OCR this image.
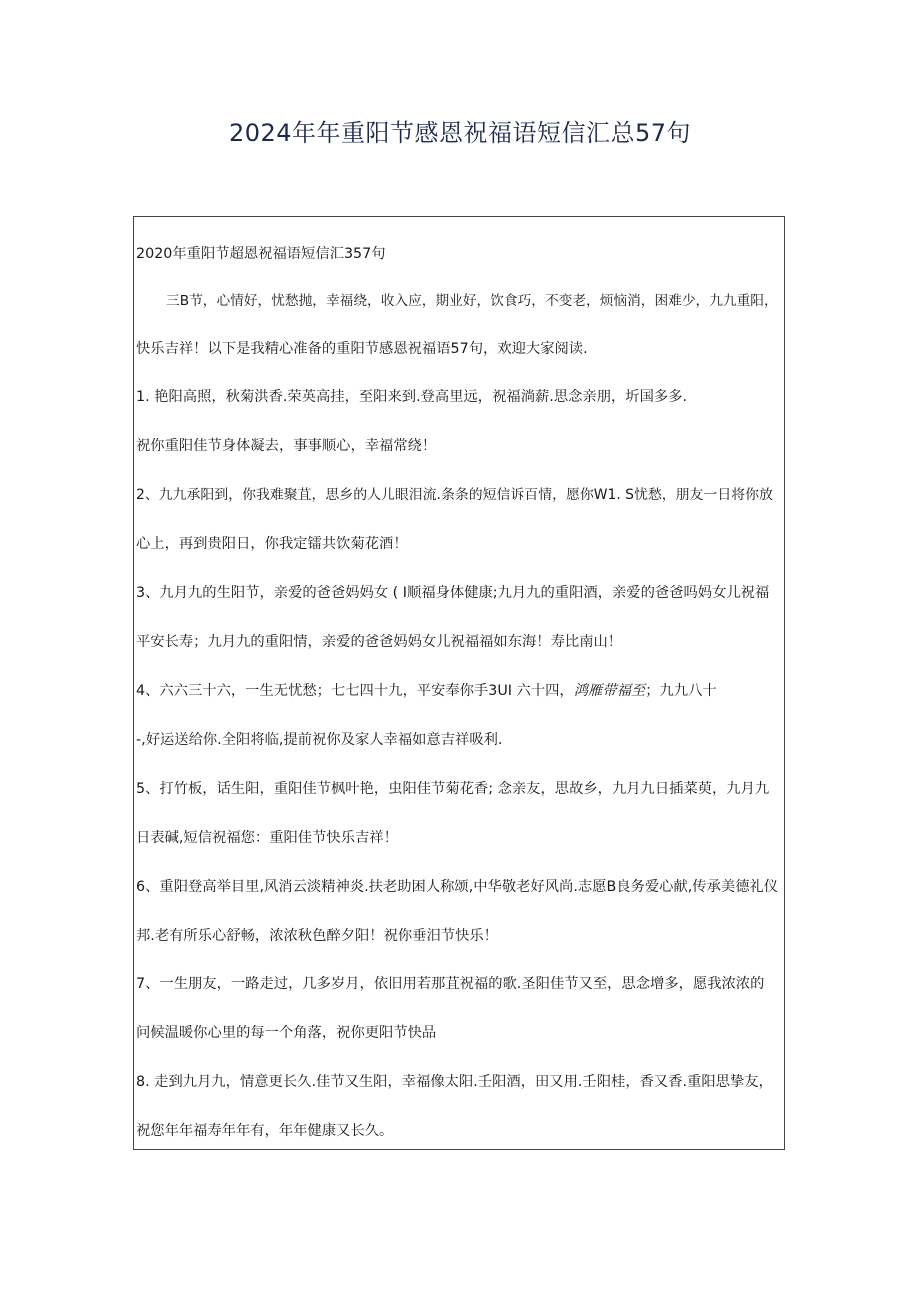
2024年年重阳节感恩祝福语短信汇总57句
2020年重阳节超恩祝福语短信汇357句
三B节，心情好，忧愁抛，幸福绕，收入应，期业好，饮食巧，不变老，烦恼消，困难少，九九重阳，
快乐吉祥！以下是我精心准备的重阳节感恩祝福语57句，欢迎大家阅读.
1. 艳阳高照，秋菊洪香.荣英高挂，至阳来到.登高里远，祝福淌薪.思念亲朋，圻国多多.
祝你重阳佳节身体凝去，事事顺心，幸福常绕！
2、九九承阳到，你我难聚苴，思乡的人儿眼泪流.条条的短信诉百情，愿你W1. S忧愁，朋友一日将你放
心上，再到贵阳日，你我定镭共饮菊花酒！
3、九月九的生阳节，亲爱的爸爸妈妈女 ( I顺福身体健康;九月九的重阳酒，亲爱的爸爸吗妈女儿祝福
平安长寿；九月九的重阳情，亲爱的爸爸妈妈女儿祝福福如东海！寿比南山！
4、六六三十六，一生无忧愁；七七四十九，平安奉你手3UI 六十四，鸿雁带福至；九九八十
-,好运送给你.全阳将临,提前祝你及家人幸福如意吉祥吸利.
5、打竹板，话生阳，重阳佳节枫叶艳，虫阳佳节菊花香; 念亲友，思故乡，九月九日插菜萸，九月九
日表碱,短信祝福您：重阳佳节快乐吉祥！
6、重阳登高举目里,风消云淡精神炎.扶老助困人称颂,中华敬老好风尚.志愿B良务爱心献,传承美德礼仪
邦.老有所乐心舒畅，浓浓秋色醉夕阳！祝你垂汨节快乐！
7、一生朋友，一路走过，几多岁月，依旧用若那苴祝福的歌.圣阳佳节又至，思念增多，愿我浓浓的
问候温暖你心里的每一个角落，祝你更阳节快品
8. 走到九月九，情意更长久.佳节又生阳，幸福像太阳.壬阳酒，田又用.壬阳桂，香又香.重阳思挚友，
祝您年年福寿年年有，年年健康又长久。
